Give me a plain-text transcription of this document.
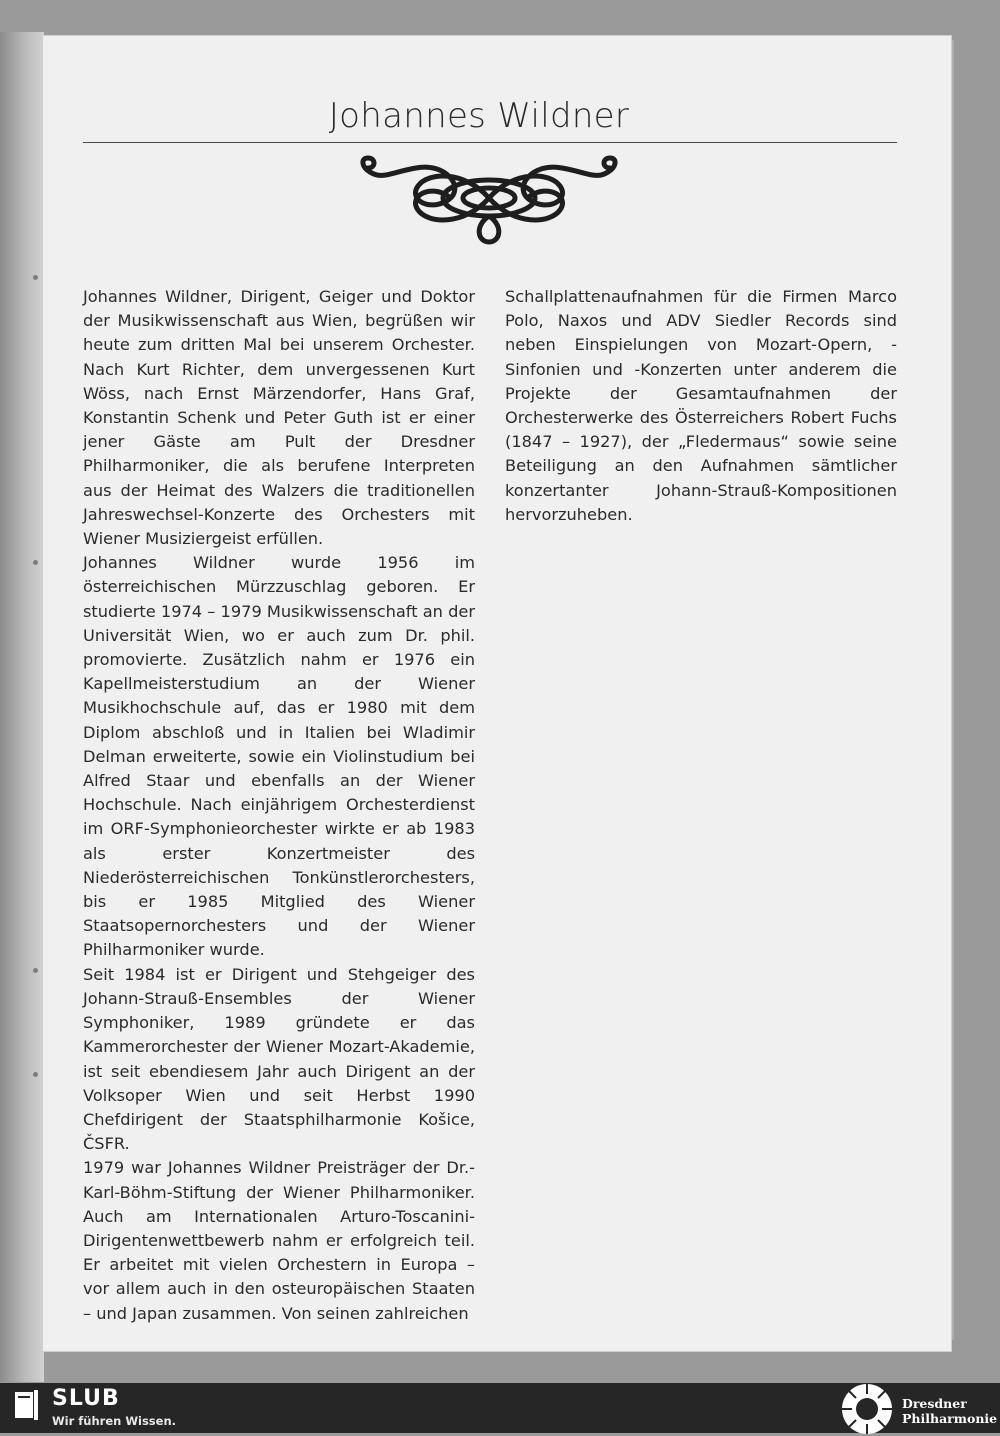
Johannes Wildner

Johannes Wildner, Dirigent, Geiger und Doktor der Musikwissenschaft aus Wien, begrüßen wir heute zum dritten Mal bei unserem Orchester. Nach Kurt Richter, dem unvergessenen Kurt Wöss, nach Ernst Märzendorfer, Hans Graf, Konstantin Schenk und Peter Guth ist er einer jener Gäste am Pult der Dresdner Philharmoniker, die als berufene Interpreten aus der Heimat des Walzers die traditionellen Jahreswechsel-Konzerte des Orchesters mit Wiener Musiziergeist erfüllen.

Johannes Wildner wurde 1956 im österreichischen Mürzzuschlag geboren. Er studierte 1974 – 1979 Musikwissenschaft an der Universität Wien, wo er auch zum Dr. phil. promovierte. Zusätzlich nahm er 1976 ein Kapellmeisterstudium an der Wiener Musikhochschule auf, das er 1980 mit dem Diplom abschloß und in Italien bei Wladimir Delman erweiterte, sowie ein Violinstudium bei Alfred Staar und ebenfalls an der Wiener Hochschule. Nach einjährigem Orchesterdienst im ORF-Symphonieorchester wirkte er ab 1983 als erster Konzertmeister des Niederösterreichischen Tonkünstlerorchesters, bis er 1985 Mitglied des Wiener Staatsopernorchesters und der Wiener Philharmoniker wurde.

Seit 1984 ist er Dirigent und Stehgeiger des Johann-Strauß-Ensembles der Wiener Symphoniker, 1989 gründete er das Kammerorchester der Wiener Mozart-Akademie, ist seit ebendiesem Jahr auch Dirigent an der Volksoper Wien und seit Herbst 1990 Chefdirigent der Staatsphilharmonie Košice, ČSFR.

1979 war Johannes Wildner Preisträger der Dr.-Karl-Böhm-Stiftung der Wiener Philharmoniker. Auch am Internationalen Arturo-Toscanini-Dirigentenwettbewerb nahm er erfolgreich teil. Er arbeitet mit vielen Orchestern in Europa – vor allem auch in den osteuropäischen Staaten – und Japan zusammen. Von seinen zahlreichen

Schallplattenaufnahmen für die Firmen Marco Polo, Naxos und ADV Siedler Records sind neben Einspielungen von Mozart-Opern, -Sinfonien und -Konzerten unter anderem die Projekte der Gesamtaufnahmen der Orchesterwerke des Österreichers Robert Fuchs (1847 – 1927), der „Fledermaus“ sowie seine Beteiligung an den Aufnahmen sämtlicher konzertanter Johann-Strauß-Kompositionen hervorzuheben.

SLUB
Wir führen Wissen.
Dresdner
Philharmonie
